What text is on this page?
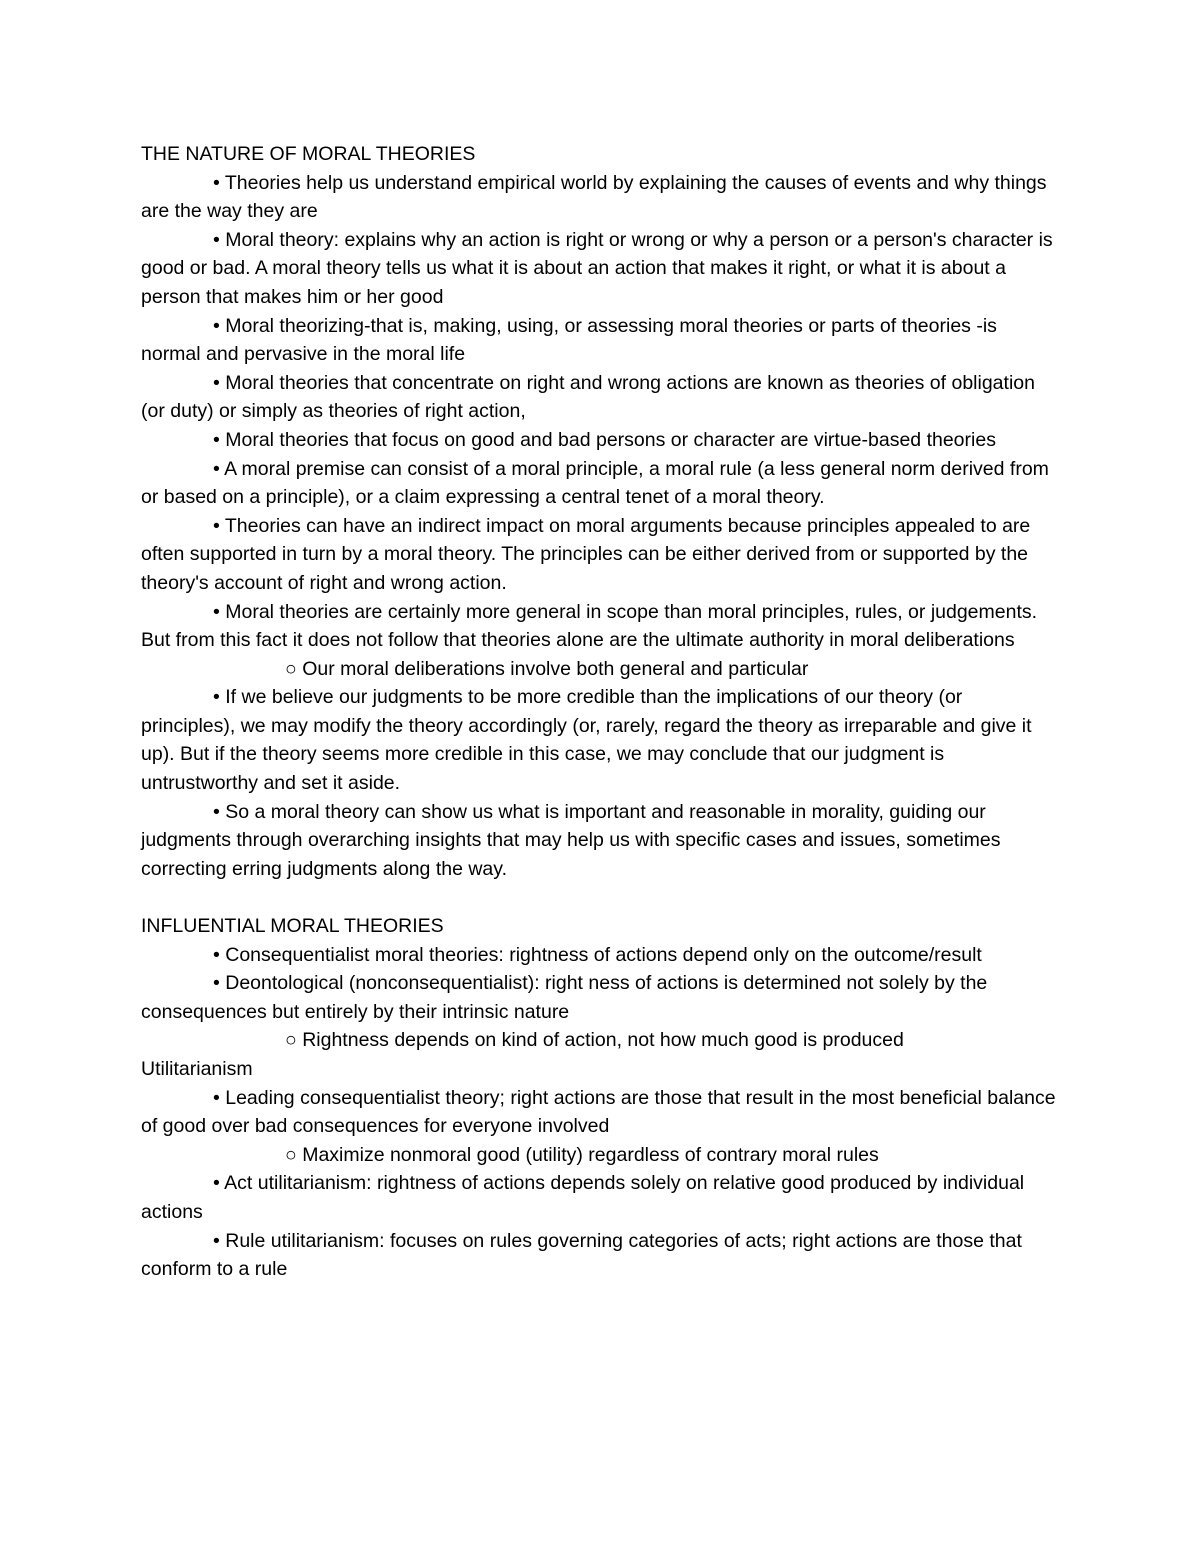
THE NATURE OF MORAL THEORIES

• Theories help us understand empirical world by explaining the causes of events and why things are the way they are

• Moral theory: explains why an action is right or wrong or why a person or a person's character is good or bad. A moral theory tells us what it is about an action that makes it right, or what it is about a person that makes him or her good

• Moral theorizing-that is, making, using, or assessing moral theories or parts of theories -is normal and pervasive in the moral life

• Moral theories that concentrate on right and wrong actions are known as theories of obligation (or duty) or simply as theories of right action,

• Moral theories that focus on good and bad persons or character are virtue-based theories

• A moral premise can consist of a moral principle, a moral rule (a less general norm derived from or based on a principle), or a claim expressing a central tenet of a moral theory.

• Theories can have an indirect impact on moral arguments because principles appealed to are often supported in turn by a moral theory. The principles can be either derived from or supported by the theory's account of right and wrong action.

• Moral theories are certainly more general in scope than moral principles, rules, or judgements. But from this fact it does not follow that theories alone are the ultimate authority in moral deliberations

○ Our moral deliberations involve both general and particular

• If we believe our judgments to be more credible than the implications of our theory (or principles), we may modify the theory accordingly (or, rarely, regard the theory as irreparable and give it up). But if the theory seems more credible in this case, we may conclude that our judgment is untrustworthy and set it aside.

• So a moral theory can show us what is important and reasonable in morality, guiding our judgments through overarching insights that may help us with specific cases and issues, sometimes correcting erring judgments along the way.

INFLUENTIAL MORAL THEORIES

• Consequentialist moral theories: rightness of actions depend only on the outcome/result

• Deontological (nonconsequentialist): right ness of actions is determined not solely by the consequences but entirely by their intrinsic nature

○ Rightness depends on kind of action, not how much good is produced

Utilitarianism

• Leading consequentialist theory; right actions are those that result in the most beneficial balance of good over bad consequences for everyone involved

○ Maximize nonmoral good (utility) regardless of contrary moral rules

• Act utilitarianism: rightness of actions depends solely on relative good produced by individual actions

• Rule utilitarianism: focuses on rules governing categories of acts; right actions are those that conform to a rule
